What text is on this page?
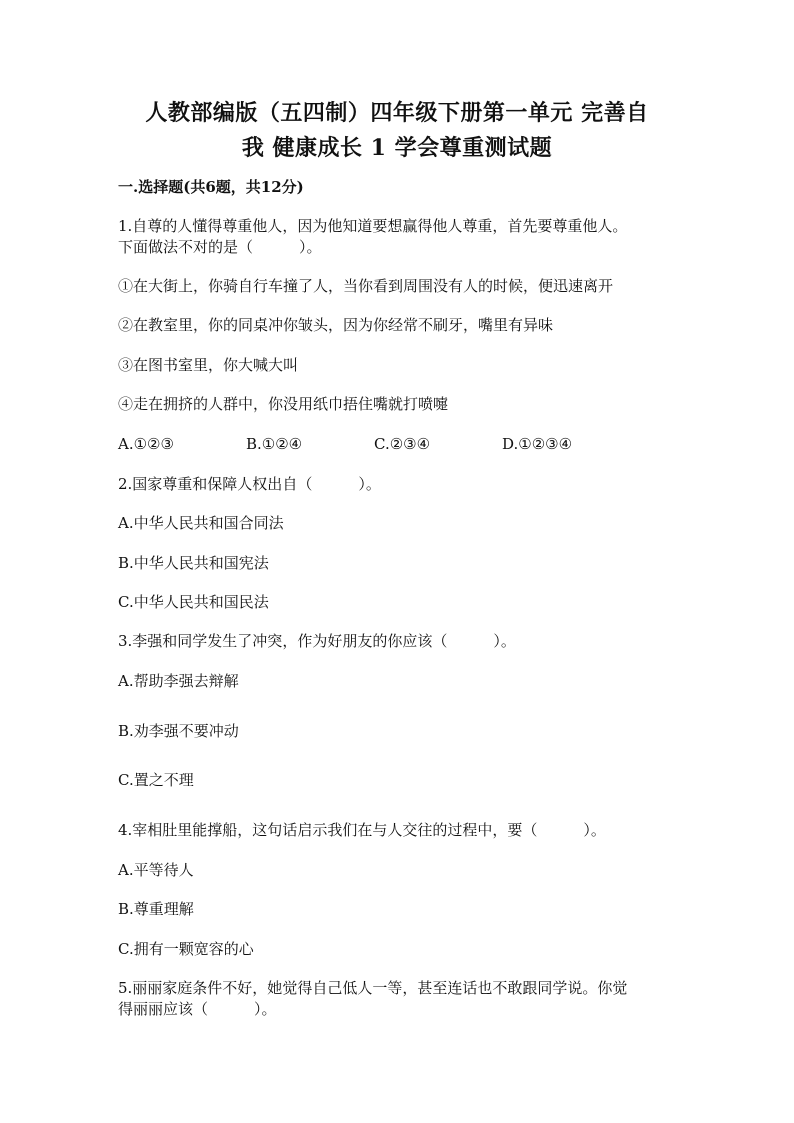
人教部编版（五四制）四年级下册第一单元 完善自
我 健康成长 1 学会尊重测试题
一.选择题(共6题，共12分)
1.自尊的人懂得尊重他人，因为他知道要想赢得他人尊重，首先要尊重他人。
下面做法不对的是（	）。
①在大街上，你骑自行车撞了人，当你看到周围没有人的时候，便迅速离开
②在教室里，你的同桌冲你皱头，因为你经常不刷牙，嘴里有异味
③在图书室里，你大喊大叫
④走在拥挤的人群中，你没用纸巾捂住嘴就打喷嚏
A.①②③	B.①②④	C.②③④	D.①②③④
2.国家尊重和保障人权出自（	）。
A.中华人民共和国合同法
B.中华人民共和国宪法
C.中华人民共和国民法
3.李强和同学发生了冲突，作为好朋友的你应该（	）。
A.帮助李强去辩解
B.劝李强不要冲动
C.置之不理
4.宰相肚里能撑船，这句话启示我们在与人交往的过程中，要（	）。
A.平等待人
B.尊重理解
C.拥有一颗宽容的心
5.丽丽家庭条件不好，她觉得自己低人一等，甚至连话也不敢跟同学说。你觉
得丽丽应该（	）。
